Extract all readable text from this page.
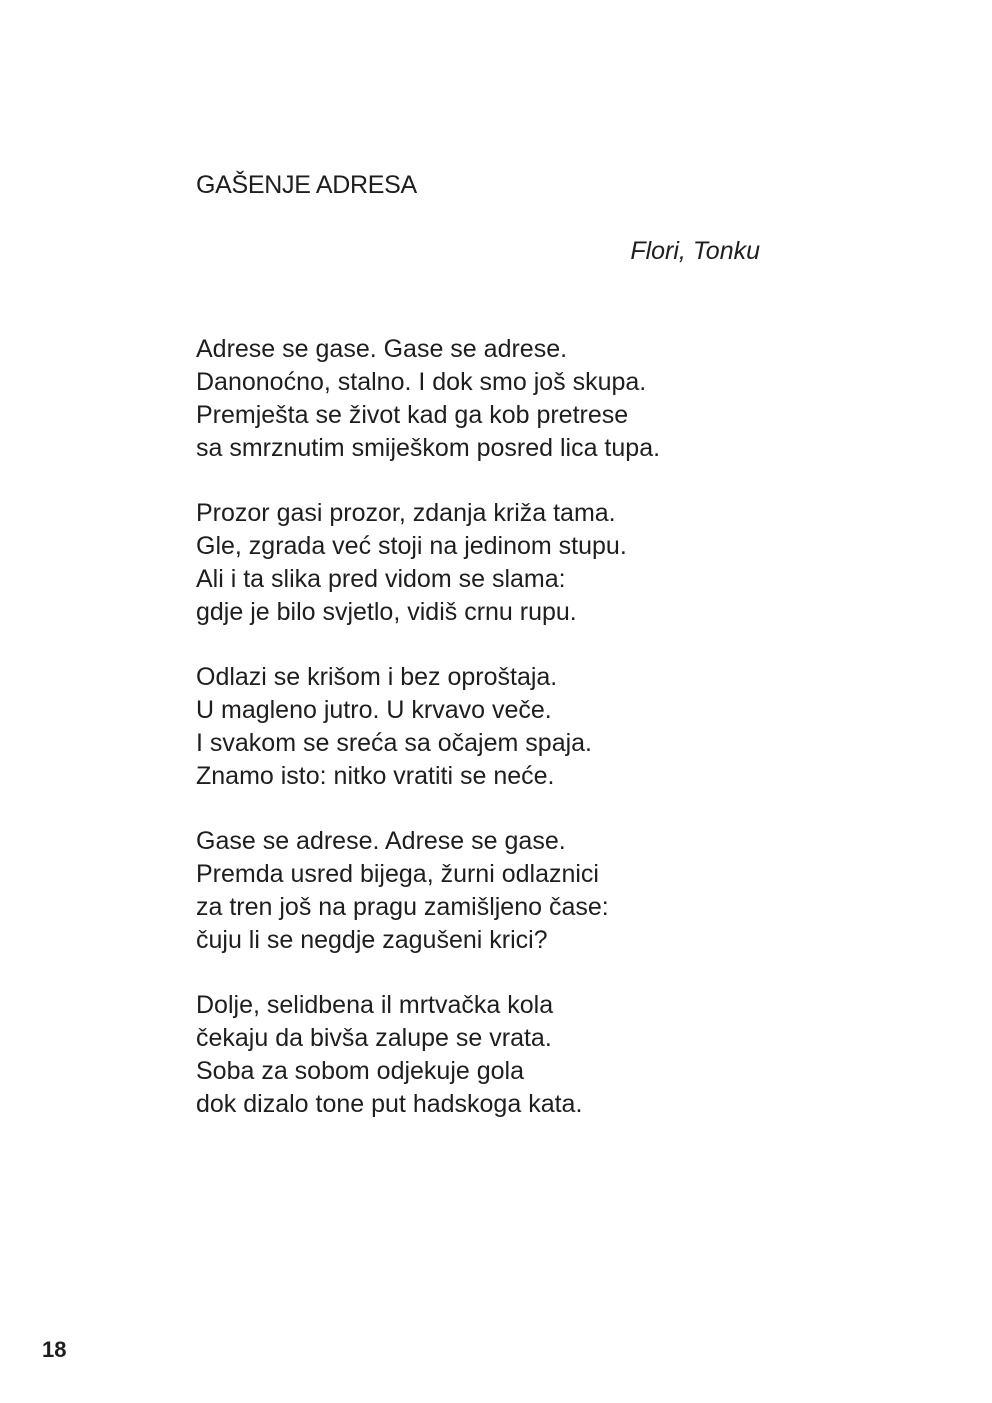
GAŠENJE ADRESA
Flori, Tonku
Adrese se gase. Gase se adrese.
Danonoćno, stalno. I dok smo još skupa.
Premješta se život kad ga kob pretrese
sa smrznutim smiješkom posred lica tupa.
Prozor gasi prozor, zdanja križa tama.
Gle, zgrada već stoji na jedinom stupu.
Ali i ta slika pred vidom se slama:
gdje je bilo svjetlo, vidiš crnu rupu.
Odlazi se krišom i bez oproštaja.
U magleno jutro. U krvavo veče.
I svakom se sreća sa očajem spaja.
Znamo isto: nitko vratiti se neće.
Gase se adrese. Adrese se gase.
Premda usred bijega, žurni odlaznici
za tren još na pragu zamišljeno čase:
čuju li se negdje zagušeni krici?
Dolje, selidbena il mrtvačka kola
čekaju da bivša zalupe se vrata.
Soba za sobom odjekuje gola
dok dizalo tone put hadskoga kata.
18
